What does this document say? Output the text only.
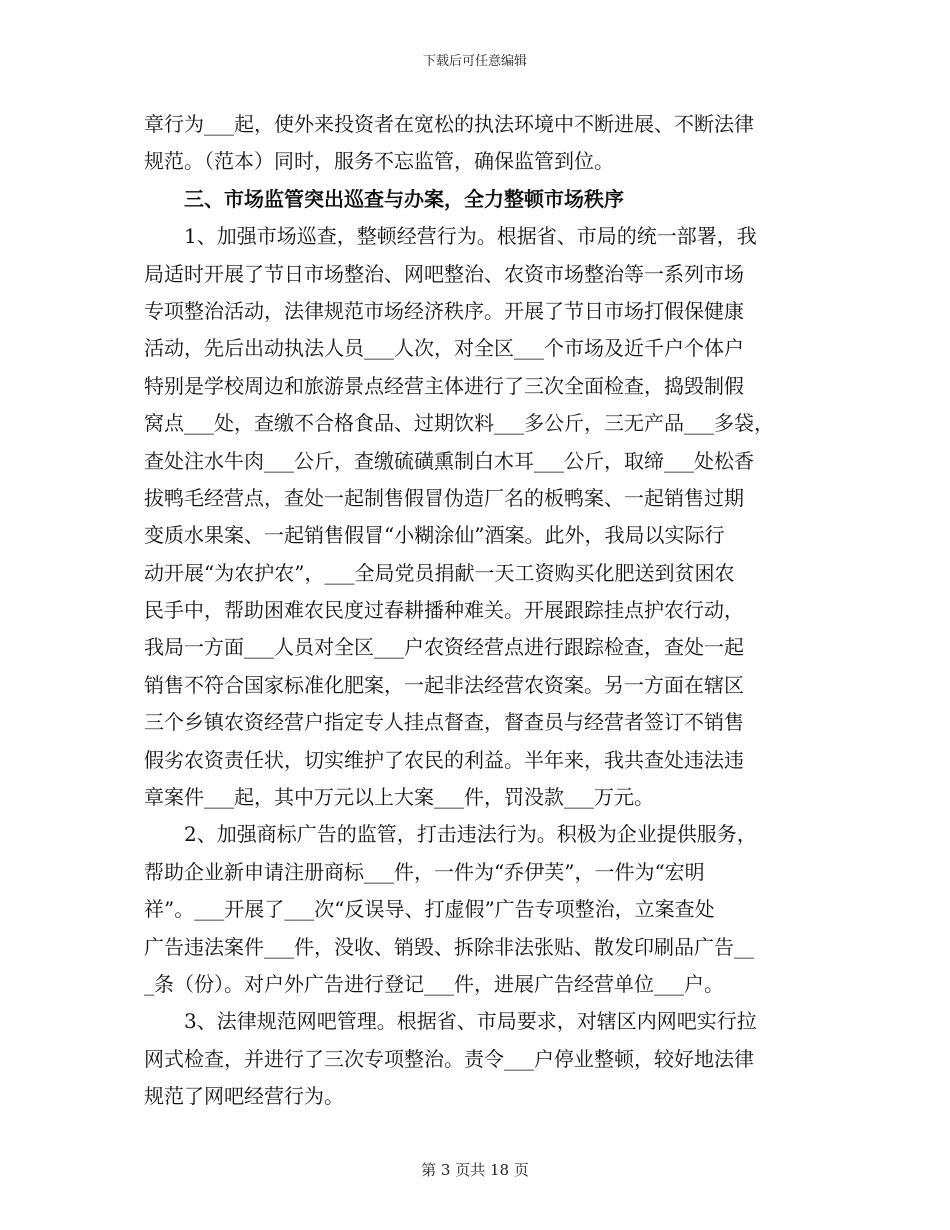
下载后可任意编辑
章行为___起，使外来投资者在宽松的执法环境中不断进展、不断法律
规范。（范本）同时，服务不忘监管，确保监管到位。
三、市场监管突出巡查与办案，全力整顿市场秩序
1、加强市场巡查，整顿经营行为。根据省、市局的统一部署，我
局适时开展了节日市场整治、网吧整治、农资市场整治等一系列市场
专项整治活动，法律规范市场经济秩序。开展了节日市场打假保健康
活动，先后出动执法人员___人次，对全区___个市场及近千户个体户
特别是学校周边和旅游景点经营主体进行了三次全面检查，捣毁制假
窝点___处，查缴不合格食品、过期饮料___多公斤，三无产品___多袋，
查处注水牛肉___公斤，查缴硫磺熏制白木耳___公斤，取缔___处松香
拔鸭毛经营点，查处一起制售假冒伪造厂名的板鸭案、一起销售过期
变质水果案、一起销售假冒“小糊涂仙”酒案。此外，我局以实际行
动开展“为农护农”，___全局党员捐献一天工资购买化肥送到贫困农
民手中，帮助困难农民度过春耕播种难关。开展跟踪挂点护农行动，
我局一方面___人员对全区___户农资经营点进行跟踪检查，查处一起
销售不符合国家标准化肥案，一起非法经营农资案。另一方面在辖区
三个乡镇农资经营户指定专人挂点督查，督查员与经营者签订不销售
假劣农资责任状，切实维护了农民的利益。半年来，我共查处违法违
章案件___起，其中万元以上大案___件，罚没款___万元。
2、加强商标广告的监管，打击违法行为。积极为企业提供服务，
帮助企业新申请注册商标___件，一件为“乔伊芙”，一件为“宏明
祥”。___开展了___次“反误导、打虚假”广告专项整治，立案查处
广告违法案件___件，没收、销毁、拆除非法张贴、散发印刷品广告__
_条（份）。对户外广告进行登记___件，进展广告经营单位___户。
3、法律规范网吧管理。根据省、市局要求，对辖区内网吧实行拉
网式检查，并进行了三次专项整治。责令___户停业整顿，较好地法律
规范了网吧经营行为。
第 3 页共 18 页
